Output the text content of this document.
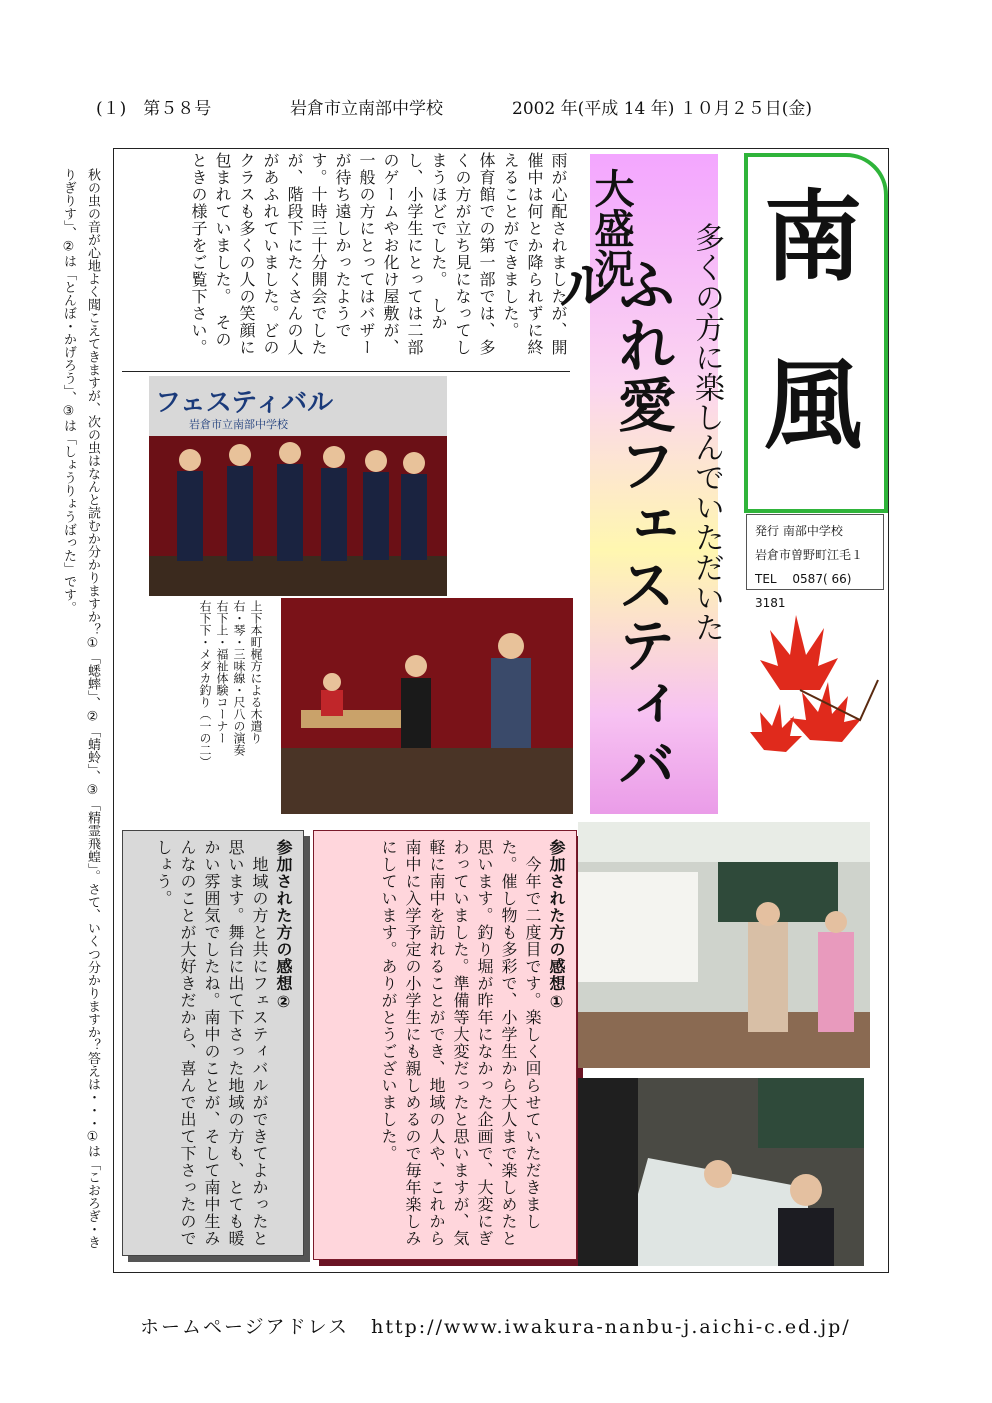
(１)　第５８号	岩倉市立南部中学校	2002 年(平成 14 年) １０月２５日(金)
秋の虫の音が心地よく聞こえてきますが、次の虫はなんと読むか分かりますか？①「蟋蟀」、②「蜻蛉」、③「精霊飛蝗」。さて、いくつ分かりますか？答えは・・・①は「こおろぎ・きりぎりす」、②は「とんぼ・かげろう」、③は「しょうりょうばった」です。	雨が心配されましたが、開催中は何とか降られずに終えることができました。　体育館での第一部では、多くの方が立ち見になってしまうほどでした。　しかし、小学生にとっては二部のゲームやお化け屋敷が、一般の方にとってはバザーが待ち遠しかったようです。十時三十分開会でしたが、階段下にたくさんの人があふれていました。どのクラスも多くの人の笑顔に包まれていました。　そのときの様子をご覧下さい。
フェスティバル
岩倉市立南部中学校
上下本町梶方による木遣り
右・琴・三味線・尺八の演奏
右下上・福祉体験コーナー
右下下・メダカ釣り（一の二）
大盛況	多くの方に楽しんでいただいた
ふれ愛フェスティバル	南
風
発行 南部中学校
岩倉市曽野町江毛１
TEL　 0587( 66) 3181
参加された方の感想②
　地域の方と共にフェスティバルができてよかったと思います。舞台に出て下さった地域の方も、とても暖かい雰囲気でしたね。南中のことが、そして南中生みんなのことが大好きだから、喜んで出て下さったのでしょう。	参加された方の感想①
　今年で二度目です。楽しく回らせていただきました。催し物も多彩で、小学生から大人まで楽しめたと思います。釣り堀が昨年になかった企画で、大変にぎわっていました。準備等大変だったと思いますが、気軽に南中を訪れることができ、地域の人や、これから南中に入学予定の小学生にも親しめるので毎年楽しみにしています。ありがとうございました。
ホームページアドレス http://www.iwakura-nanbu-j.aichi-c.ed.jp/
